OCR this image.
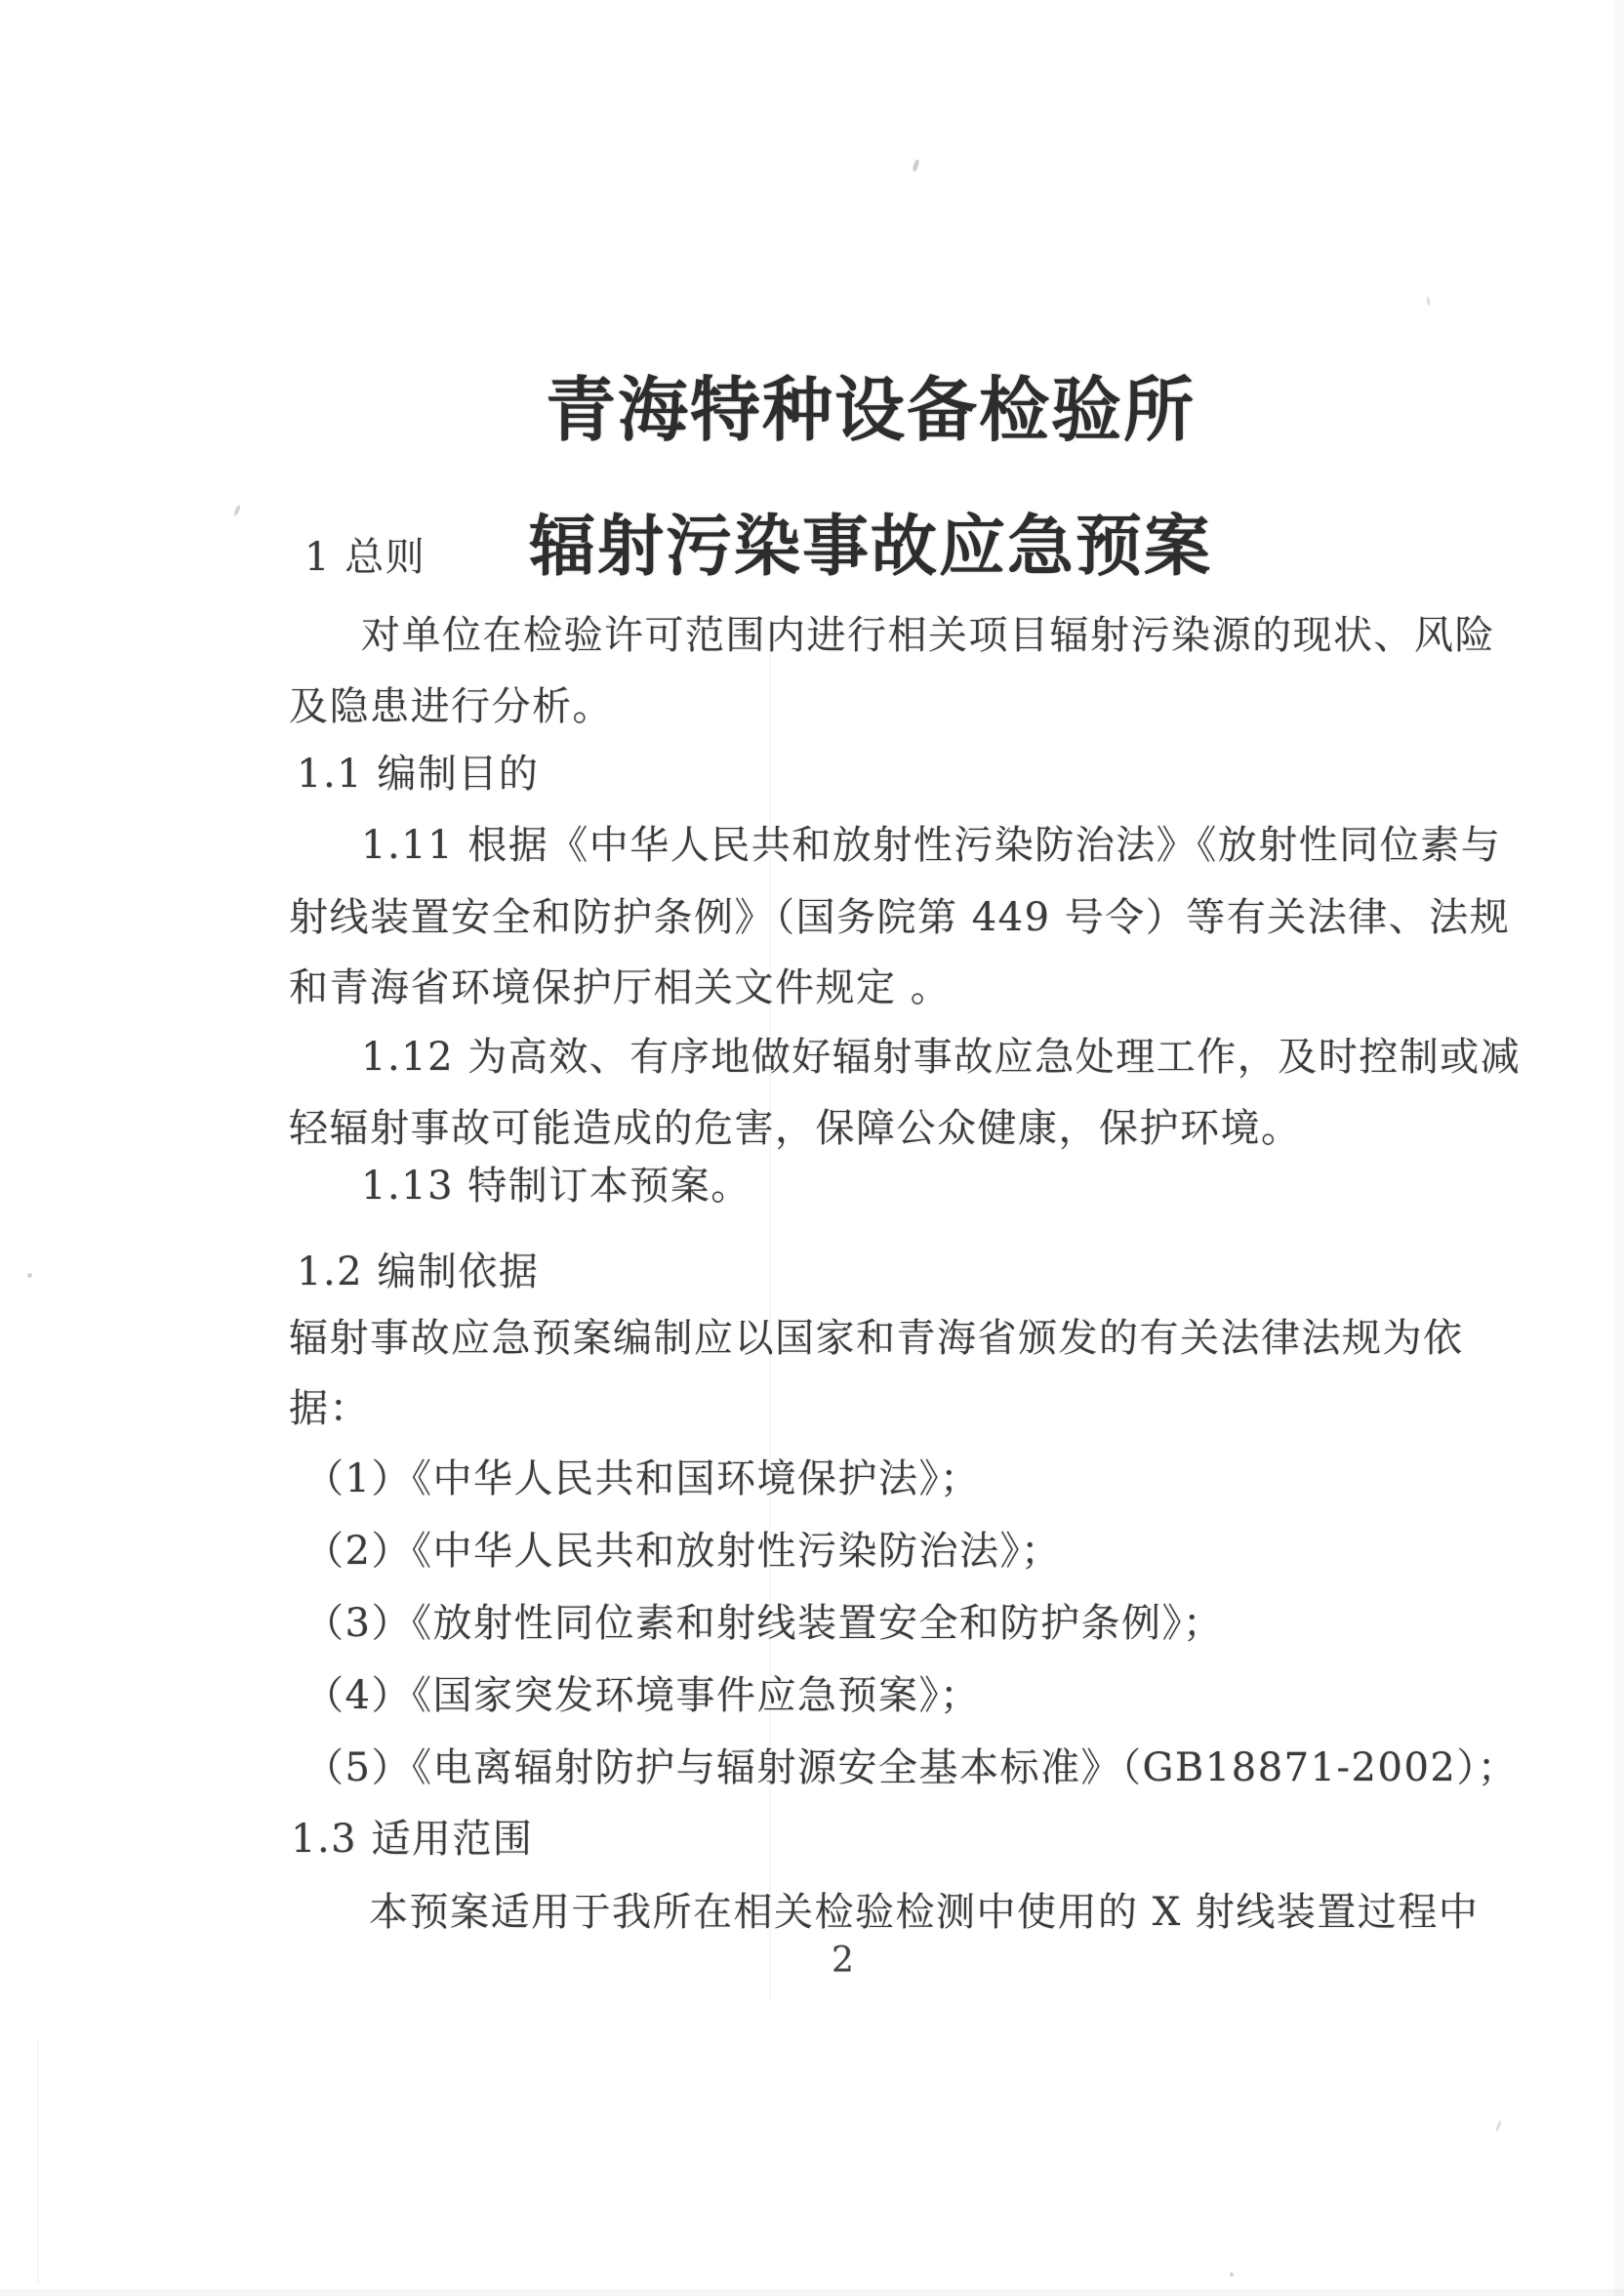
青海特种设备检验所
辐射污染事故应急预案
1 总则
对单位在检验许可范围内进行相关项目辐射污染源的现状、风险
及隐患进行分析。
1.1 编制目的
1.11 根据《中华人民共和放射性污染防治法》《放射性同位素与
射线装置安全和防护条例》（国务院第 449 号令）等有关法律、法规
和青海省环境保护厅相关文件规定 。
1.12 为高效、有序地做好辐射事故应急处理工作，及时控制或减
轻辐射事故可能造成的危害，保障公众健康，保护环境。
1.13 特制订本预案。
1.2 编制依据
辐射事故应急预案编制应以国家和青海省颁发的有关法律法规为依
据：
（1）《中华人民共和国环境保护法》；
（2）《中华人民共和放射性污染防治法》；
（3）《放射性同位素和射线装置安全和防护条例》；
（4）《国家突发环境事件应急预案》；
（5）《电离辐射防护与辐射源安全基本标准》（GB18871-2002）；
1.3 适用范围
本预案适用于我所在相关检验检测中使用的 X 射线装置过程中
2
